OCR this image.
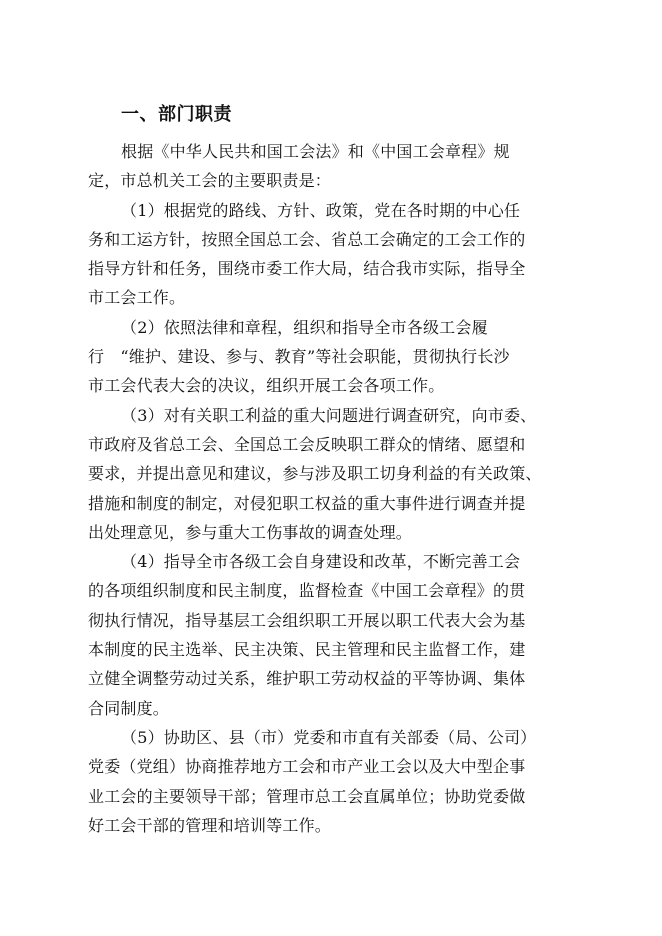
一、部门职责

根据《中华人民共和国工会法》和《中国工会章程》规
定，市总机关工会的主要职责是：

（1）根据党的路线、方针、政策，党在各时期的中心任
务和工运方针，按照全国总工会、省总工会确定的工会工作的
指导方针和任务，围绕市委工作大局，结合我市实际，指导全
市工会工作。

（2）依照法律和章程，组织和指导全市各级工会履
行　“维护、建设、参与、教育”等社会职能，贯彻执行长沙
市工会代表大会的决议，组织开展工会各项工作。

（3）对有关职工利益的重大问题进行调查研究，向市委、
市政府及省总工会、全国总工会反映职工群众的情绪、愿望和
要求，并提出意见和建议，参与涉及职工切身利益的有关政策、
措施和制度的制定，对侵犯职工权益的重大事件进行调查并提
出处理意见，参与重大工伤事故的调查处理。

（4）指导全市各级工会自身建设和改革，不断完善工会
的各项组织制度和民主制度，监督检查《中国工会章程》的贯
彻执行情况，指导基层工会组织职工开展以职工代表大会为基
本制度的民主选举、民主决策、民主管理和民主监督工作，建
立健全调整劳动过关系，维护职工劳动权益的平等协调、集体
合同制度。

（5）协助区、县（市）党委和市直有关部委（局、公司）
党委（党组）协商推荐地方工会和市产业工会以及大中型企事
业工会的主要领导干部；管理市总工会直属单位；协助党委做
好工会干部的管理和培训等工作。
